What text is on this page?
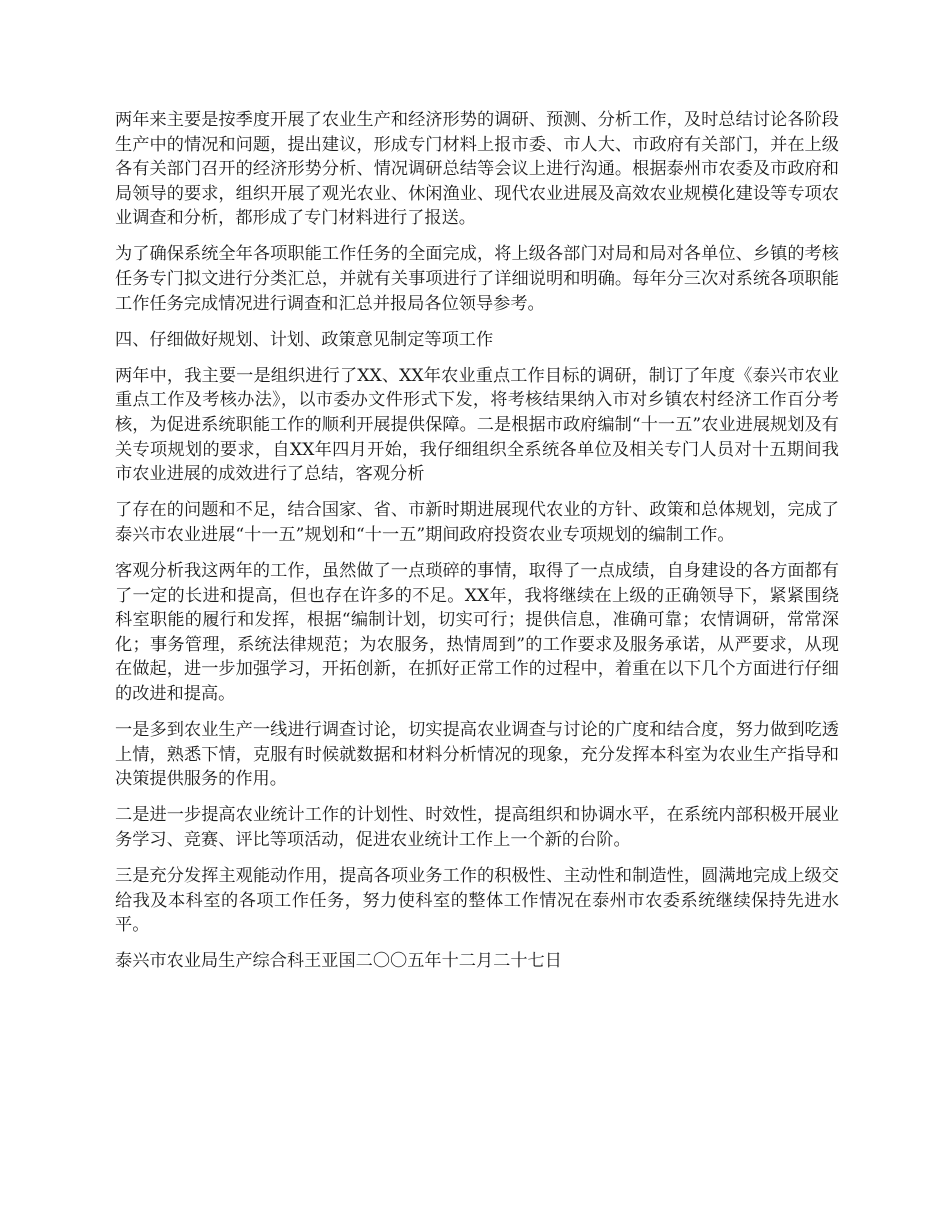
两年来主要是按季度开展了农业生产和经济形势的调研、预测、分析工作，及时总结讨论各阶段生产中的情况和问题，提出建议，形成专门材料上报市委、市人大、市政府有关部门，并在上级各有关部门召开的经济形势分析、情况调研总结等会议上进行沟通。根据泰州市农委及市政府和局领导的要求，组织开展了观光农业、休闲渔业、现代农业进展及高效农业规模化建设等专项农业调查和分析，都形成了专门材料进行了报送。

为了确保系统全年各项职能工作任务的全面完成，将上级各部门对局和局对各单位、乡镇的考核任务专门拟文进行分类汇总，并就有关事项进行了详细说明和明确。每年分三次对系统各项职能工作任务完成情况进行调查和汇总并报局各位领导参考。

四、仔细做好规划、计划、政策意见制定等项工作

两年中，我主要一是组织进行了XX、XX年农业重点工作目标的调研，制订了年度《泰兴市农业重点工作及考核办法》，以市委办文件形式下发，将考核结果纳入市对乡镇农村经济工作百分考核，为促进系统职能工作的顺利开展提供保障。二是根据市政府编制“十一五”农业进展规划及有关专项规划的要求，自XX年四月开始，我仔细组织全系统各单位及相关专门人员对十五期间我市农业进展的成效进行了总结，客观分析

了存在的问题和不足，结合国家、省、市新时期进展现代农业的方针、政策和总体规划，完成了泰兴市农业进展“十一五”规划和“十一五”期间政府投资农业专项规划的编制工作。

客观分析我这两年的工作，虽然做了一点琐碎的事情，取得了一点成绩，自身建设的各方面都有了一定的长进和提高，但也存在许多的不足。XX年，我将继续在上级的正确领导下，紧紧围绕科室职能的履行和发挥，根据“编制计划，切实可行；提供信息，准确可靠；农情调研，常常深化；事务管理，系统法律规范；为农服务，热情周到”的工作要求及服务承诺，从严要求，从现在做起，进一步加强学习，开拓创新，在抓好正常工作的过程中，着重在以下几个方面进行仔细的改进和提高。

一是多到农业生产一线进行调查讨论，切实提高农业调查与讨论的广度和结合度，努力做到吃透上情，熟悉下情，克服有时候就数据和材料分析情况的现象，充分发挥本科室为农业生产指导和决策提供服务的作用。

二是进一步提高农业统计工作的计划性、时效性，提高组织和协调水平，在系统内部积极开展业务学习、竞赛、评比等项活动，促进农业统计工作上一个新的台阶。

三是充分发挥主观能动作用，提高各项业务工作的积极性、主动性和制造性，圆满地完成上级交给我及本科室的各项工作任务，努力使科室的整体工作情况在泰州市农委系统继续保持先进水平。

泰兴市农业局生产综合科王亚国二〇〇五年十二月二十七日
